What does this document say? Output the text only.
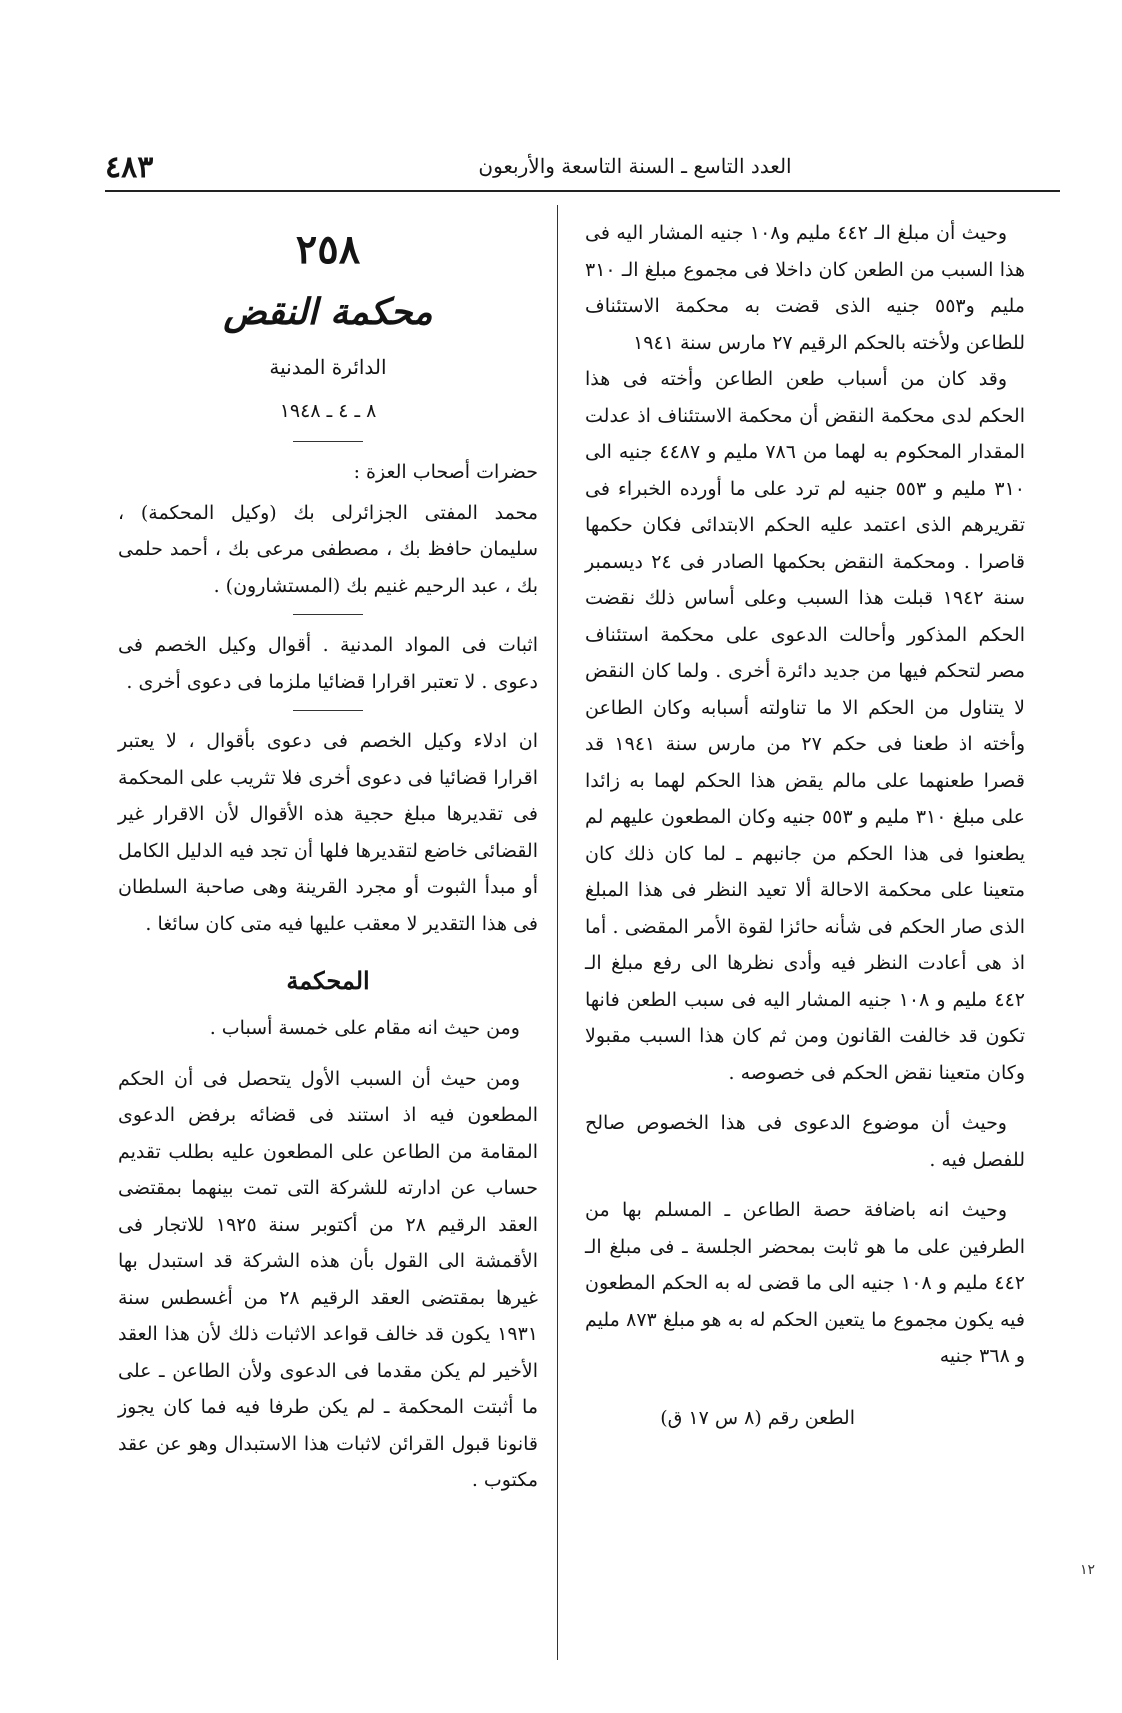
٤٨٣	العدد التاسع ـ السنة التاسعة والأربعون

وحيث أن مبلغ الـ ٤٤٢ مليم و١٠٨ جنيه المشار اليه فى هذا السبب من الطعن كان داخلا فى مجموع مبلغ الـ ٣١٠ مليم و٥٥٣ جنيه الذى قضت به محكمة الاستئناف للطاعن ولأخته بالحكم الرقيم ٢٧ مارس سنة ١٩٤١

وقد كان من أسباب طعن الطاعن وأخته فى هذا الحكم لدى محكمة النقض أن محكمة الاستئناف اذ عدلت المقدار المحكوم به لهما من ٧٨٦ مليم و ٤٤٨٧ جنيه الى ٣١٠ مليم و ٥٥٣ جنيه لم ترد على ما أورده الخبراء فى تقريرهم الذى اعتمد عليه الحكم الابتدائى فكان حكمها قاصرا . ومحكمة النقض بحكمها الصادر فى ٢٤ ديسمبر سنة ١٩٤٢ قبلت هذا السبب وعلى أساس ذلك نقضت الحكم المذكور وأحالت الدعوى على محكمة استئناف مصر لتحكم فيها من جديد دائرة أخرى . ولما كان النقض لا يتناول من الحكم الا ما تناولته أسبابه وكان الطاعن وأخته اذ طعنا فى حكم ٢٧ من مارس سنة ١٩٤١ قد قصرا طعنهما على مالم يقض هذا الحكم لهما به زائدا على مبلغ ٣١٠ مليم و ٥٥٣ جنيه وكان المطعون عليهم لم يطعنوا فى هذا الحكم من جانبهم ـ لما كان ذلك كان متعينا على محكمة الاحالة ألا تعيد النظر فى هذا المبلغ الذى صار الحكم فى شأنه حائزا لقوة الأمر المقضى . أما اذ هى أعادت النظر فيه وأدى نظرها الى رفع مبلغ الـ ٤٤٢ مليم و ١٠٨ جنيه المشار اليه فى سبب الطعن فانها تكون قد خالفت القانون ومن ثم كان هذا السبب مقبولا وكان متعينا نقض الحكم فى خصوصه .

وحيث أن موضوع الدعوى فى هذا الخصوص صالح للفصل فيه .

وحيث انه باضافة حصة الطاعن ـ المسلم بها من الطرفين على ما هو ثابت بمحضر الجلسة ـ فى مبلغ الـ ٤٤٢ مليم و ١٠٨ جنيه الى ما قضى له به الحكم المطعون فيه يكون مجموع ما يتعين الحكم له به هو مبلغ ٨٧٣ مليم و ٣٦٨ جنيه

الطعن رقم (٨ س ١٧ ق)
٢٥٨
محكمة النقض
الدائرة المدنية
٨ ـ ٤ ـ ١٩٤٨

حضرات أصحاب العزة :

محمد المفتى الجزائرلى بك (وكيل المحكمة) ، سليمان حافظ بك ، مصطفى مرعى بك ، أحمد حلمى بك ، عبد الرحيم غنيم بك (المستشارون) .

اثبات فى المواد المدنية . أقوال وكيل الخصم فى دعوى . لا تعتبر اقرارا قضائيا ملزما فى دعوى أخرى .

ان ادلاء وكيل الخصم فى دعوى بأقوال ، لا يعتبر اقرارا قضائيا فى دعوى أخرى فلا تثريب على المحكمة فى تقديرها مبلغ حجية هذه الأقوال لأن الاقرار غير القضائى خاضع لتقديرها فلها أن تجد فيه الدليل الكامل أو مبدأ الثبوت أو مجرد القرينة وهى صاحبة السلطان فى هذا التقدير لا معقب عليها فيه متى كان سائغا .

المحكمة

ومن حيث انه مقام على خمسة أسباب .

ومن حيث أن السبب الأول يتحصل فى أن الحكم المطعون فيه اذ استند فى قضائه برفض الدعوى المقامة من الطاعن على المطعون عليه بطلب تقديم حساب عن ادارته للشركة التى تمت بينهما بمقتضى العقد الرقيم ٢٨ من أكتوبر سنة ١٩٢٥ للاتجار فى الأقمشة الى القول بأن هذه الشركة قد استبدل بها غيرها بمقتضى العقد الرقيم ٢٨ من أغسطس سنة ١٩٣١ يكون قد خالف قواعد الاثبات ذلك لأن هذا العقد الأخير لم يكن مقدما فى الدعوى ولأن الطاعن ـ على ما أثبتت المحكمة ـ لم يكن طرفا فيه فما كان يجوز قانونا قبول القرائن لاثبات هذا الاستبدال وهو عن عقد مكتوب .

١٢
